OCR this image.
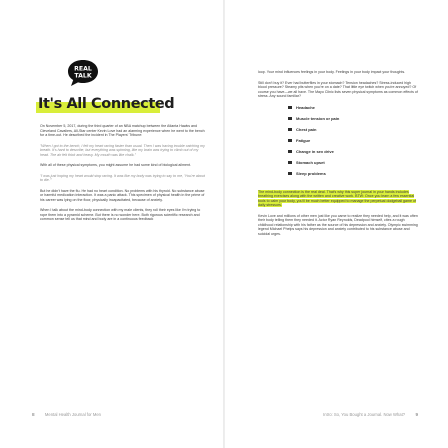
REAL
TALK
It's All Connected

On November 5, 2017, during the third quarter of an NBA matchup between the Atlanta Hawks and Cleveland Cavaliers, All-Star center Kevin Love had an alarming experience when he went to the bench for a time-out. He described the incident in The Players' Tribune:

"When I got to the bench, I felt my heart racing faster than usual. Then I was having trouble catching my breath. It's hard to describe, but everything was spinning, like my brain was trying to climb out of my head. The air felt thick and heavy. My mouth was like chalk."

With all of these physical symptoms, you might assume he had some kind of biological ailment.

"I was just hoping my heart would stop racing. It was like my body was trying to say to me, 'You're about to die.'"

But he didn't have the flu. He had no heart condition. No problems with his thyroid. No substance abuse or harmful medication interaction. It was a panic attack. This specimen of physical health in the prime of his career was lying on the floor, physically incapacitated, because of anxiety.

When I talk about the mind-body connection with my male clients, they roll their eyes like I'm trying to rope them into a pyramid scheme. But there is no wonder here. Both rigorous scientific research and common sense tell us that mind and body are in a continuous feedback

loop. Your mind influences feelings in your body. Feelings in your body impact your thoughts.

Still don't buy it? Ever had butterflies in your stomach? Tension headaches? Stress-induced high blood pressure? Steamy pits when you're on a date? That little eye twitch when you're annoyed? Of course you have—we all have. The Mayo Clinic lists seven physical symptoms as common effects of stress. Any sound familiar?

Headache
Muscle tension or pain
Chest pain
Fatigue
Change in sex drive
Stomach upset
Sleep problems

The mind-body connection is the real deal. That's why this super journal in your hands includes breathing exercises along with the written and creative work. BTW: Once you learn a few essential tools to calm your body, you'll be much better equipped to manage the perpetual dodgeball game of daily stressors.

Kevin Love and millions of other men just like you came to realize they needed help, and it was often their body telling them they needed it. Actor Ryan Reynolds, Deadpool himself, cites a rough childhood relationship with his father as the source of his depression and anxiety. Olympic swimming legend Michael Phelps says his depression and anxiety contributed to his substance abuse and suicidal urges.

8 Mental Health Journal for Men	Intro: So, You Bought a Journal. Now What? 9
